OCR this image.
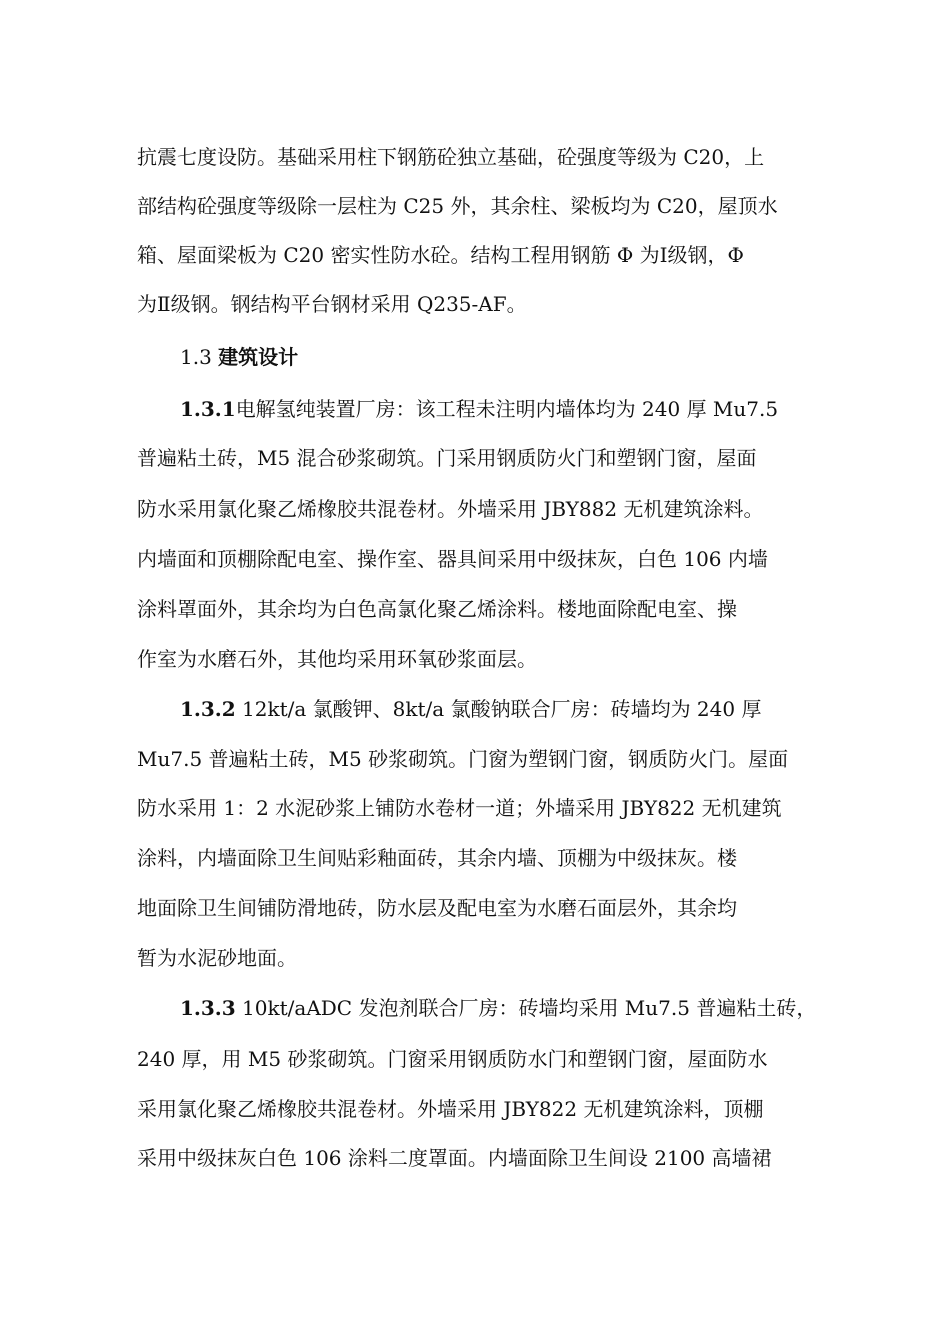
抗震七度设防。基础采用柱下钢筋砼独立基础，砼强度等级为 C20，上
部结构砼强度等级除一层柱为 C25 外，其余柱、梁板均为 C20，屋顶水
箱、屋面梁板为 C20 密实性防水砼。结构工程用钢筋 Φ 为Ⅰ级钢，Φ
为Ⅱ级钢。钢结构平台钢材采用 Q235-AF。
1.3 建筑设计
1.3.1电解氢纯装置厂房：该工程未注明内墙体均为 240 厚 Mu7.5
普遍粘土砖，M5 混合砂浆砌筑。门采用钢质防火门和塑钢门窗，屋面
防水采用氯化聚乙烯橡胶共混卷材。外墙采用 JBY882 无机建筑涂料。
内墙面和顶棚除配电室、操作室、器具间采用中级抹灰，白色 106 内墙
涂料罩面外，其余均为白色高氯化聚乙烯涂料。楼地面除配电室、操
作室为水磨石外，其他均采用环氧砂浆面层。
1.3.2 12kt/a 氯酸钾、8kt/a 氯酸钠联合厂房：砖墙均为 240 厚
Mu7.5 普遍粘土砖，M5 砂浆砌筑。门窗为塑钢门窗，钢质防火门。屋面
防水采用 1：2 水泥砂浆上铺防水卷材一道；外墙采用 JBY822 无机建筑
涂料，内墙面除卫生间贴彩釉面砖，其余内墙、顶棚为中级抹灰。楼
地面除卫生间铺防滑地砖，防水层及配电室为水磨石面层外，其余均
暂为水泥砂地面。
1.3.3 10kt/aADC 发泡剂联合厂房：砖墙均采用 Mu7.5 普遍粘土砖，
240 厚，用 M5 砂浆砌筑。门窗采用钢质防水门和塑钢门窗，屋面防水
采用氯化聚乙烯橡胶共混卷材。外墙采用 JBY822 无机建筑涂料，顶棚
采用中级抹灰白色 106 涂料二度罩面。内墙面除卫生间设 2100 高墙裙
